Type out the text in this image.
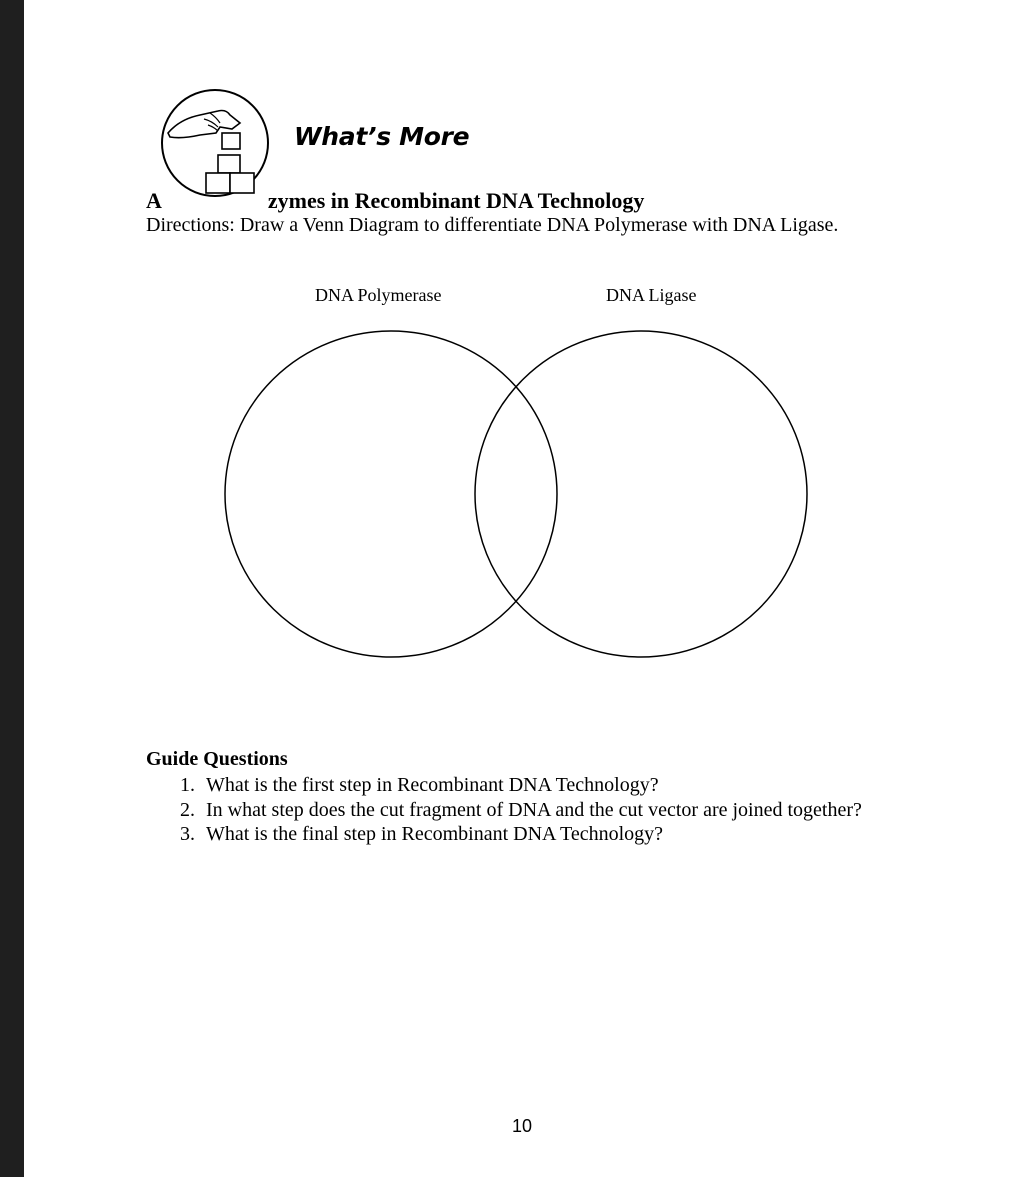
What’s More
A	zymes in Recombinant DNA Technology
Directions: Draw a Venn Diagram to differentiate DNA Polymerase with DNA Ligase.
DNA Polymerase	DNA Ligase
Guide Questions
1. What is the first step in Recombinant DNA Technology?
2. In what step does the cut fragment of DNA and the cut vector are joined together?
3. What is the final step in Recombinant DNA Technology?
10
